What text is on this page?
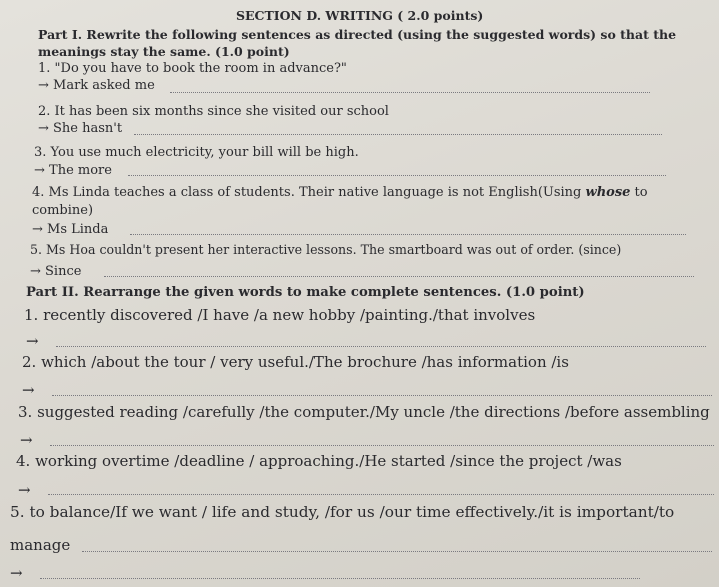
SECTION D. WRITING ( 2.0 points)
Part I. Rewrite the following sentences as directed (using the suggested words) so that the
meanings stay the same. (1.0 point)
1. "Do you have to book the room in advance?"
→ Mark asked me
2. It has been six months since she visited our school
→ She hasn't
3. You use much electricity, your bill will be high.
→ The more
4. Ms Linda teaches a class of students. Their native language is not English(Using whose to
combine)
→ Ms Linda
5. Ms Hoa couldn't present her interactive lessons. The smartboard was out of order. (since)
→ Since
Part II. Rearrange the given words to make complete sentences. (1.0 point)
1. recently discovered /I have /a new hobby /painting./that involves
→
2. which /about the tour / very useful./The brochure /has information /is
→
3. suggested reading /carefully /the computer./My uncle /the directions /before assembling
→
4. working overtime /deadline / approaching./He started /since the project /was
→
5. to balance/If we want / life and study, /for us /our time effectively./it is important/to
manage
→
